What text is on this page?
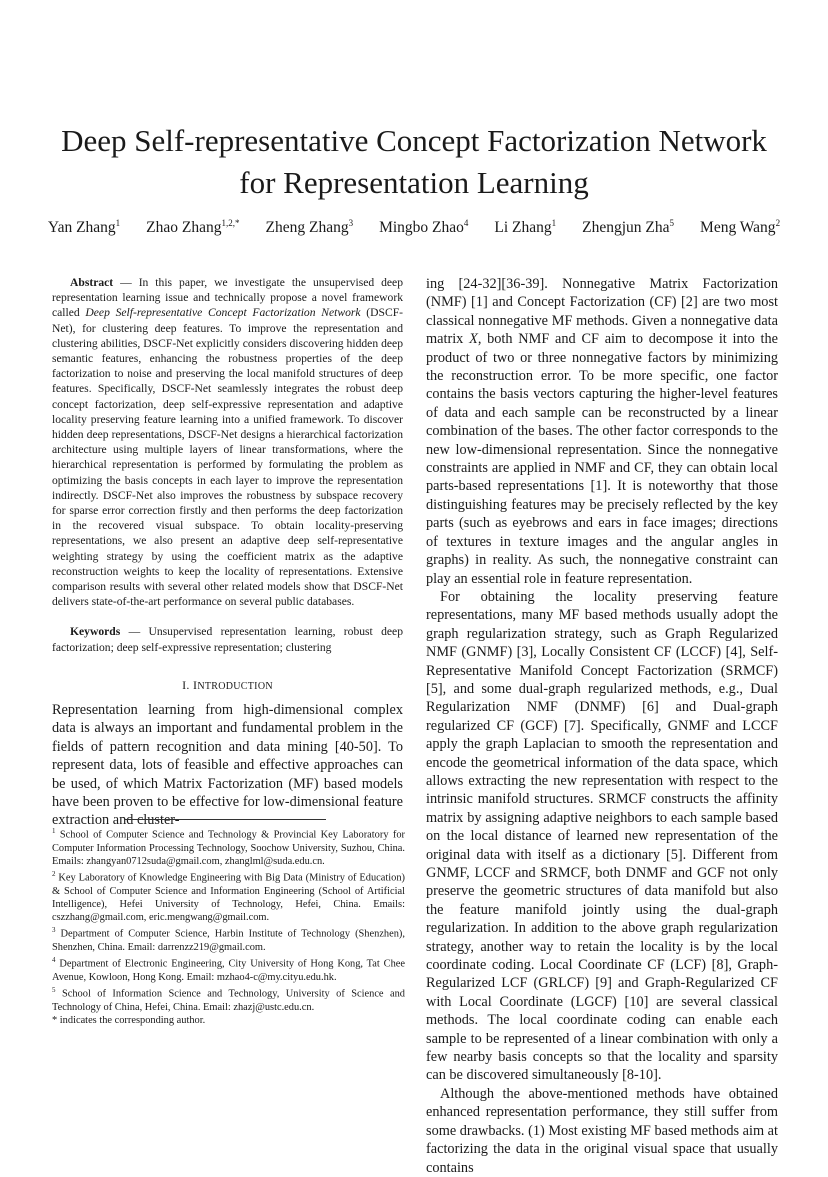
Deep Self-representative Concept Factorization Network
for Representation Learning
Yan Zhang$^1$ Zhao Zhang$^{1,2,*}$ Zheng Zhang$^3$ Mingbo Zhao$^4$ Li Zhang$^1$ Zhengjun Zha$^5$ Meng Wang$^2$

Abstract — In this paper, we investigate the unsupervised deep representation learning issue and technically propose a novel framework called Deep Self-representative Concept Factorization Network (DSCF-Net), for clustering deep features. To improve the representation and clustering abilities, DSCF-Net explicitly considers discovering hidden deep semantic features, enhancing the robustness properties of the deep factorization to noise and preserving the local manifold structures of deep features. Specifically, DSCF-Net seamlessly integrates the robust deep concept factorization, deep self-expressive representation and adaptive locality preserving feature learning into a unified framework. To discover hidden deep representations, DSCF-Net designs a hierarchical factorization architecture using multiple layers of linear transformations, where the hierarchical representation is performed by formulating the problem as optimizing the basis concepts in each layer to improve the representation indirectly. DSCF-Net also improves the robustness by subspace recovery for sparse error correction firstly and then performs the deep factorization in the recovered visual subspace. To obtain locality-preserving representations, we also present an adaptive deep self-representative weighting strategy by using the coefficient matrix as the adaptive reconstruction weights to keep the locality of representations. Extensive comparison results with several other related models show that DSCF-Net delivers state-of-the-art performance on several public databases.

Keywords — Unsupervised representation learning, robust deep factorization; deep self-expressive representation; clustering

I. INTRODUCTION

Representation learning from high-dimensional complex data is always an important and fundamental problem in the fields of pattern recognition and data mining [40-50]. To represent data, lots of feasible and effective approaches can be used, of which Matrix Factorization (MF) based models have been proven to be effective for low-dimensional feature extraction and cluster-

$^1$ School of Computer Science and Technology & Provincial Key Laboratory for Computer Information Processing Technology, Soochow University, Suzhou, China. Emails: zhangyan0712suda@gmail.com, zhanglml@suda.edu.cn.

$^2$ Key Laboratory of Knowledge Engineering with Big Data (Ministry of Education) & School of Computer Science and Information Engineering (School of Artificial Intelligence), Hefei University of Technology, Hefei, China. Emails: cszzhang@gmail.com, eric.mengwang@gmail.com.

$^3$ Department of Computer Science, Harbin Institute of Technology (Shenzhen), Shenzhen, China. Email: darrenzz219@gmail.com.

$^4$ Department of Electronic Engineering, City University of Hong Kong, Tat Chee Avenue, Kowloon, Hong Kong. Email: mzhao4-c@my.cityu.edu.hk.

$^5$ School of Information Science and Technology, University of Science and Technology of China, Hefei, China. Email: zhazj@ustc.edu.cn.

* indicates the corresponding author.

ing [24-32][36-39]. Nonnegative Matrix Factorization (NMF) [1] and Concept Factorization (CF) [2] are two most classical nonnegative MF methods. Given a nonnegative data matrix X, both NMF and CF aim to decompose it into the product of two or three nonnegative factors by minimizing the reconstruction error. To be more specific, one factor contains the basis vectors capturing the higher-level features of data and each sample can be reconstructed by a linear combination of the bases. The other factor corresponds to the new low-dimensional representation. Since the nonnegative constraints are applied in NMF and CF, they can obtain local parts-based representations [1]. It is noteworthy that those distinguishing features may be precisely reflected by the key parts (such as eyebrows and ears in face images; directions of textures in texture images and the angular angles in graphs) in reality. As such, the nonnegative constraint can play an essential role in feature representation.

For obtaining the locality preserving feature representations, many MF based methods usually adopt the graph regularization strategy, such as Graph Regularized NMF (GNMF) [3], Locally Consistent CF (LCCF) [4], Self-Representative Manifold Concept Factorization (SRMCF) [5], and some dual-graph regularized methods, e.g., Dual Regularization NMF (DNMF) [6] and Dual-graph regularized CF (GCF) [7]. Specifically, GNMF and LCCF apply the graph Laplacian to smooth the representation and encode the geometrical information of the data space, which allows extracting the new representation with respect to the intrinsic manifold structures. SRMCF constructs the affinity matrix by assigning adaptive neighbors to each sample based on the local distance of learned new representation of the original data with itself as a dictionary [5]. Different from GNMF, LCCF and SRMCF, both DNMF and GCF not only preserve the geometric structures of data manifold but also the feature manifold jointly using the dual-graph regularization. In addition to the above graph regularization strategy, another way to retain the locality is by the local coordinate coding. Local Coordinate CF (LCF) [8], Graph-Regularized LCF (GRLCF) [9] and Graph-Regularized CF with Local Coordinate (LGCF) [10] are several classical methods. The local coordinate coding can enable each sample to be represented of a linear combination with only a few nearby basis concepts so that the locality and sparsity can be discovered simultaneously [8-10].

Although the above-mentioned methods have obtained enhanced representation performance, they still suffer from some drawbacks. (1) Most existing MF based methods aim at factorizing the data in the original visual space that usually contains
